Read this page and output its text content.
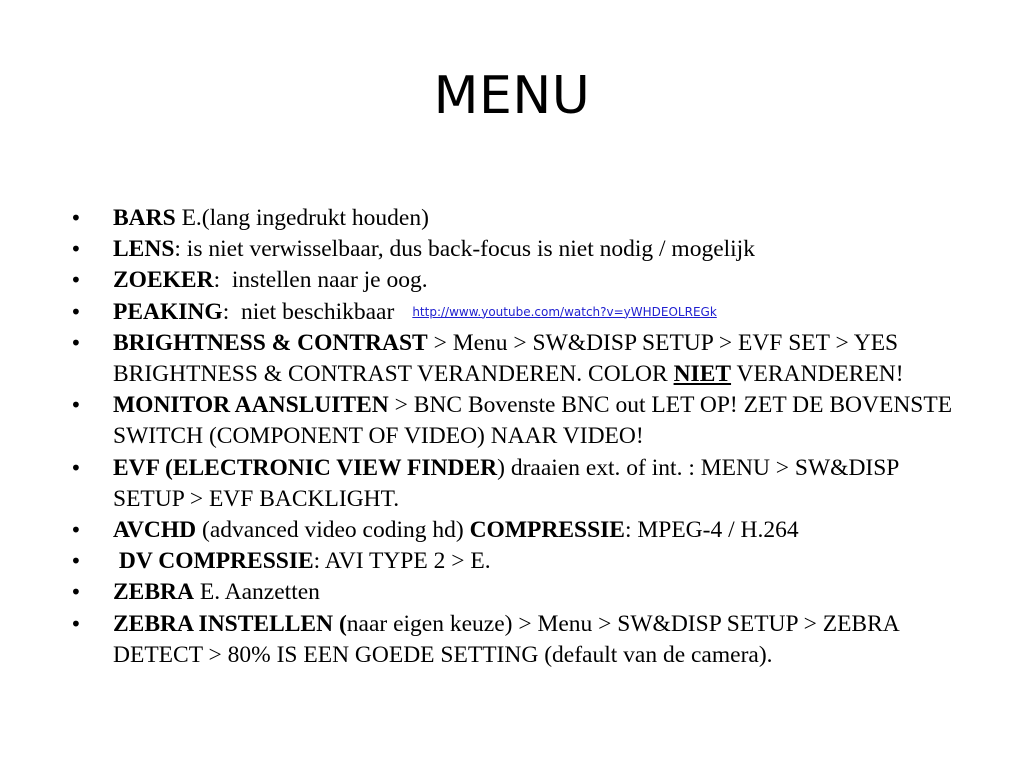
MENU
•	BARS E.(lang ingedrukt houden)
•	LENS: is niet verwisselbaar, dus back-focus is niet nodig / mogelijk
•	ZOEKER:  instellen naar je oog.
•	PEAKING:  niet beschikbaar http://www.youtube.com/watch?v=yWHDEOLREGk
•	BRIGHTNESS & CONTRAST > Menu > SW&DISP SETUP > EVF SET > YES BRIGHTNESS & CONTRAST VERANDEREN. COLOR NIET VERANDEREN!
•	MONITOR AANSLUITEN > BNC Bovenste BNC out LET OP! ZET DE BOVENSTE SWITCH (COMPONENT OF VIDEO) NAAR VIDEO!
•	EVF (ELECTRONIC VIEW FINDER) draaien ext. of int. : MENU > SW&DISP SETUP > EVF BACKLIGHT.
•	AVCHD (advanced video coding hd) COMPRESSIE: MPEG-4 / H.264
•	DV COMPRESSIE: AVI TYPE 2 > E.
•	ZEBRA E. Aanzetten
•	ZEBRA INSTELLEN (naar eigen keuze) > Menu > SW&DISP SETUP > ZEBRA DETECT > 80% IS EEN GOEDE SETTING (default van de camera).
